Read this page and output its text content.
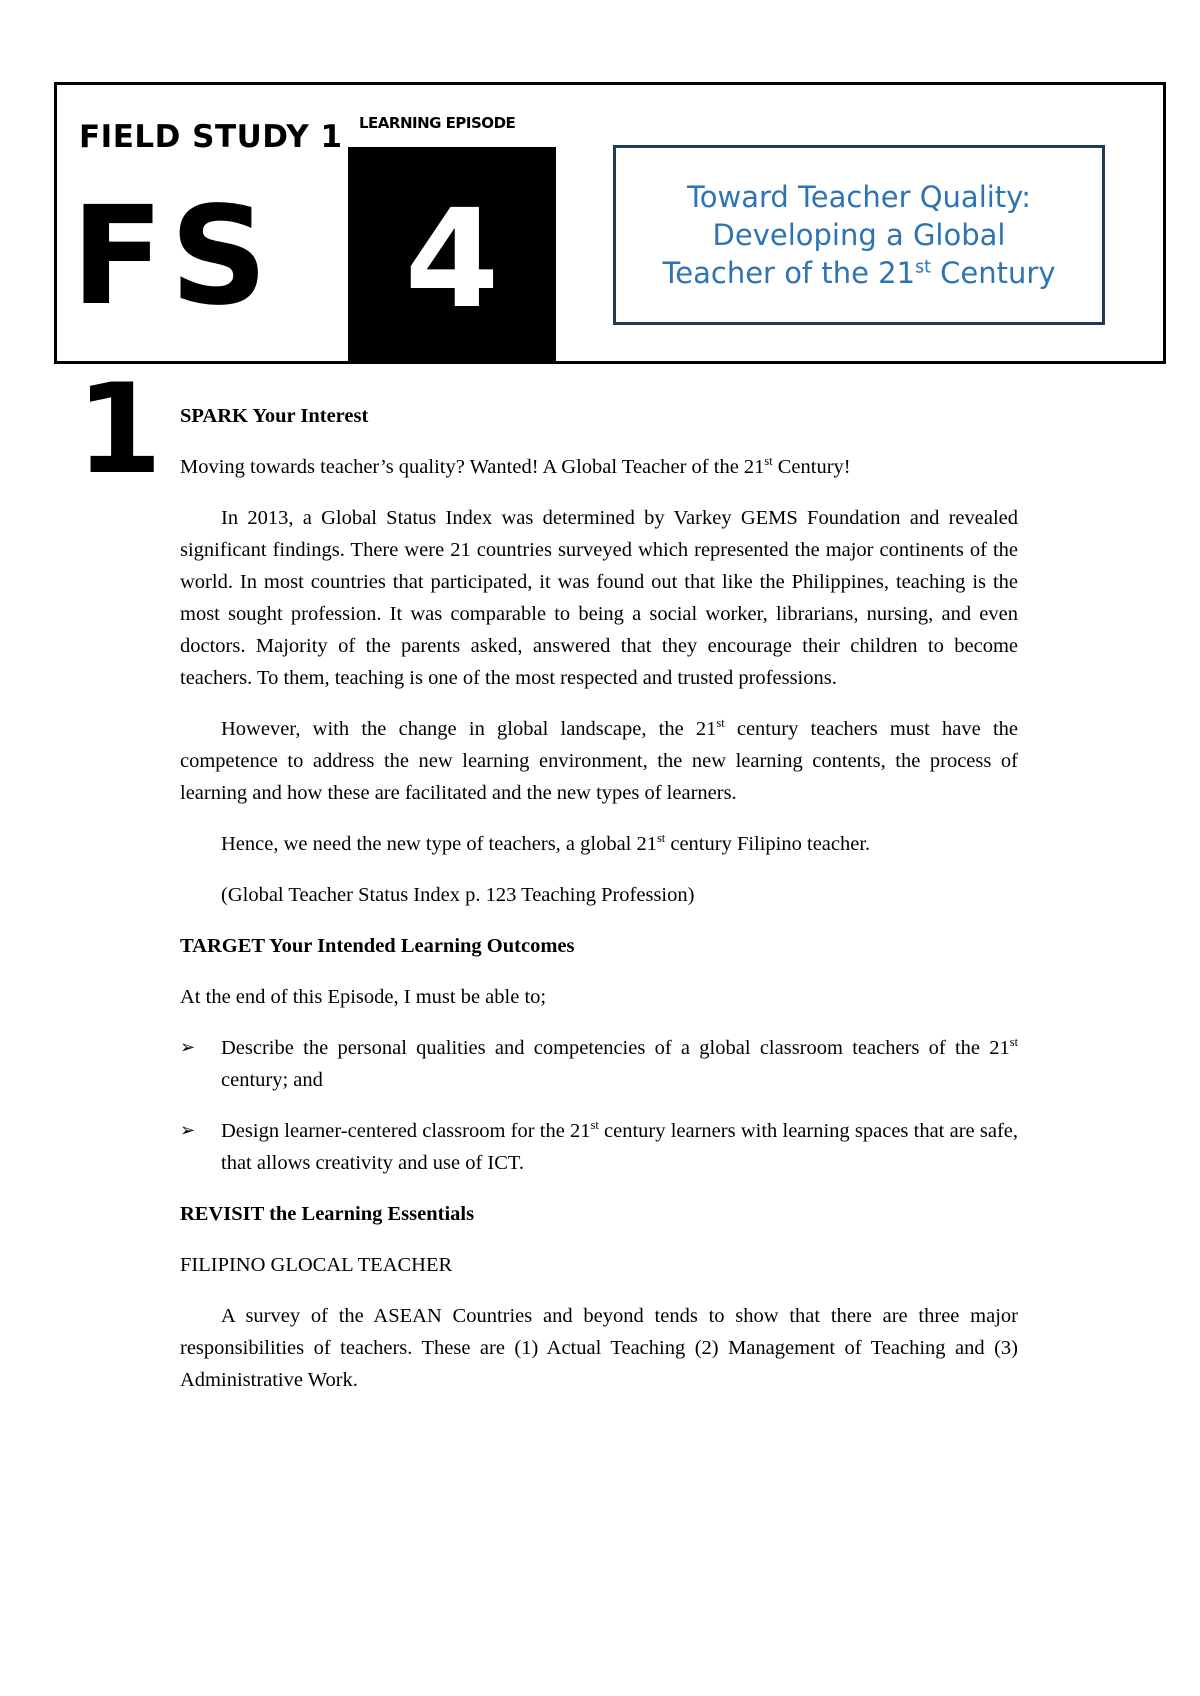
FIELD STUDY 1
FS
LEARNING EPISODE
4	Toward Teacher Quality:
Developing a Global
Teacher of the 21st Century

1 SPARK Your Interest

Moving towards teacher’s quality? Wanted! A Global Teacher of the 21st Century!

In 2013, a Global Status Index was determined by Varkey GEMS Foundation and revealed significant findings. There were 21 countries surveyed which represented the major continents of the world. In most countries that participated, it was found out that like the Philippines, teaching is the most sought profession. It was comparable to being a social worker, librarians, nursing, and even doctors. Majority of the parents asked, answered that they encourage their children to become teachers. To them, teaching is one of the most respected and trusted professions.

However, with the change in global landscape, the 21st century teachers must have the competence to address the new learning environment, the new learning contents, the process of learning and how these are facilitated and the new types of learners.

Hence, we need the new type of teachers, a global 21st century Filipino teacher.

(Global Teacher Status Index p. 123 Teaching Profession)

TARGET Your Intended Learning Outcomes

At the end of this Episode, I must be able to;

➢ Describe the personal qualities and competencies of a global classroom teachers of the 21st century; and
➢ Design learner-centered classroom for the 21st century learners with learning spaces that are safe, that allows creativity and use of ICT.
REVISIT the Learning Essentials

FILIPINO GLOCAL TEACHER

A survey of the ASEAN Countries and beyond tends to show that there are three major responsibilities of teachers. These are (1) Actual Teaching (2) Management of Teaching and (3) Administrative Work.
